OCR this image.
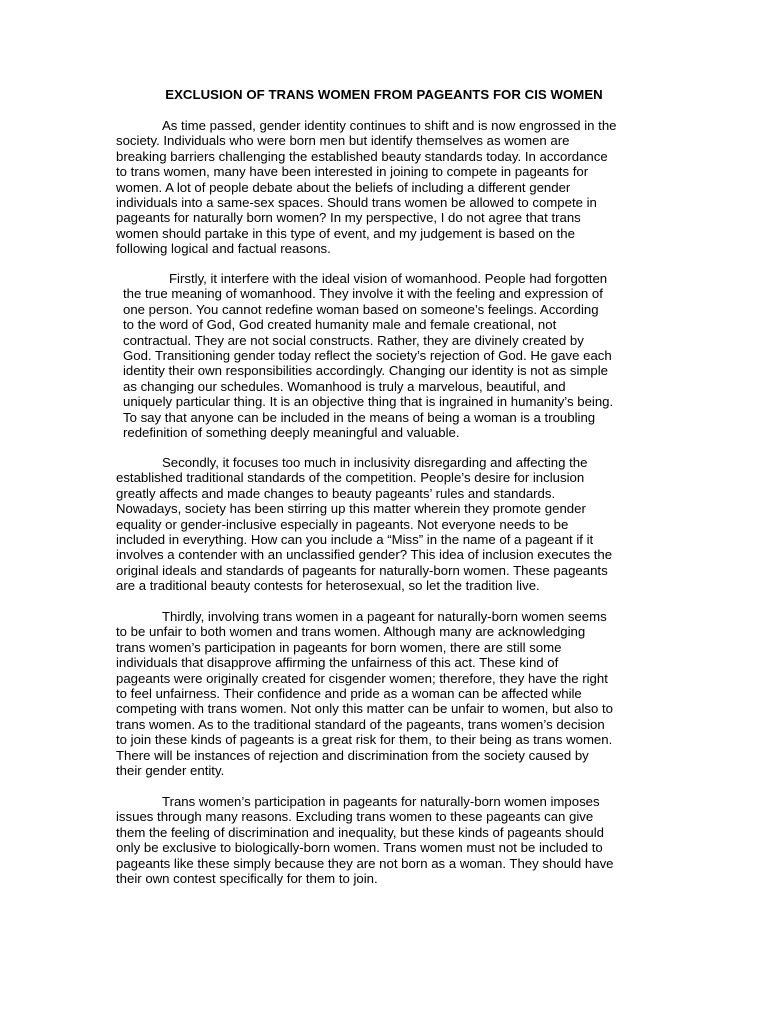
EXCLUSION OF TRANS WOMEN FROM PAGEANTS FOR CIS WOMEN
As time passed, gender identity continues to shift and is now engrossed in the
society. Individuals who were born men but identify themselves as women are
breaking barriers challenging the established beauty standards today. In accordance
to trans women, many have been interested in joining to compete in pageants for
women. A lot of people debate about the beliefs of including a different gender
individuals into a same-sex spaces. Should trans women be allowed to compete in
pageants for naturally born women? In my perspective, I do not agree that trans
women should partake in this type of event, and my judgement is based on the
following logical and factual reasons.
Firstly, it interfere with the ideal vision of womanhood. People had forgotten
the true meaning of womanhood. They involve it with the feeling and expression of
one person. You cannot redefine woman based on someone’s feelings. According
to the word of God, God created humanity male and female creational, not
contractual. They are not social constructs. Rather, they are divinely created by
God. Transitioning gender today reflect the society’s rejection of God. He gave each
identity their own responsibilities accordingly. Changing our identity is not as simple
as changing our schedules. Womanhood is truly a marvelous, beautiful, and
uniquely particular thing. It is an objective thing that is ingrained in humanity’s being.
To say that anyone can be included in the means of being a woman is a troubling
redefinition of something deeply meaningful and valuable.
Secondly, it focuses too much in inclusivity disregarding and affecting the
established traditional standards of the competition. People’s desire for inclusion
greatly affects and made changes to beauty pageants’ rules and standards.
Nowadays, society has been stirring up this matter wherein they promote gender
equality or gender-inclusive especially in pageants. Not everyone needs to be
included in everything. How can you include a “Miss” in the name of a pageant if it
involves a contender with an unclassified gender? This idea of inclusion executes the
original ideals and standards of pageants for naturally-born women. These pageants
are a traditional beauty contests for heterosexual, so let the tradition live.
Thirdly, involving trans women in a pageant for naturally-born women seems
to be unfair to both women and trans women. Although many are acknowledging
trans women’s participation in pageants for born women, there are still some
individuals that disapprove affirming the unfairness of this act. These kind of
pageants were originally created for cisgender women; therefore, they have the right
to feel unfairness. Their confidence and pride as a woman can be affected while
competing with trans women. Not only this matter can be unfair to women, but also to
trans women. As to the traditional standard of the pageants, trans women’s decision
to join these kinds of pageants is a great risk for them, to their being as trans women.
There will be instances of rejection and discrimination from the society caused by
their gender entity.
Trans women’s participation in pageants for naturally-born women imposes
issues through many reasons. Excluding trans women to these pageants can give
them the feeling of discrimination and inequality, but these kinds of pageants should
only be exclusive to biologically-born women. Trans women must not be included to
pageants like these simply because they are not born as a woman. They should have
their own contest specifically for them to join.
